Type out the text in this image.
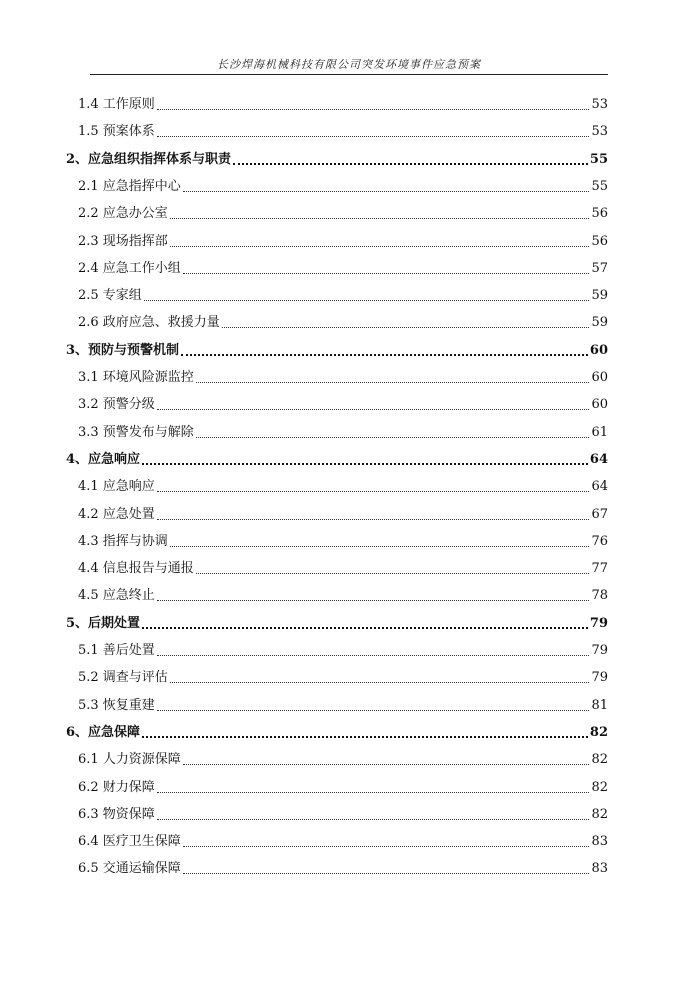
长沙焊海机械科技有限公司突发环境事件应急预案
1.4 工作原则	53
1.5 预案体系	53
2、应急组织指挥体系与职责	55
2.1 应急指挥中心	55
2.2 应急办公室	56
2.3 现场指挥部	56
2.4 应急工作小组	57
2.5 专家组	59
2.6 政府应急、救援力量	59
3、预防与预警机制	60
3.1 环境风险源监控	60
3.2 预警分级	60
3.3 预警发布与解除	61
4、应急响应	64
4.1 应急响应	64
4.2 应急处置	67
4.3 指挥与协调	76
4.4 信息报告与通报	77
4.5 应急终止	78
5、后期处置	79
5.1 善后处置	79
5.2 调查与评估	79
5.3 恢复重建	81
6、应急保障	82
6.1 人力资源保障	82
6.2 财力保障	82
6.3 物资保障	82
6.4 医疗卫生保障	83
6.5 交通运输保障	83
